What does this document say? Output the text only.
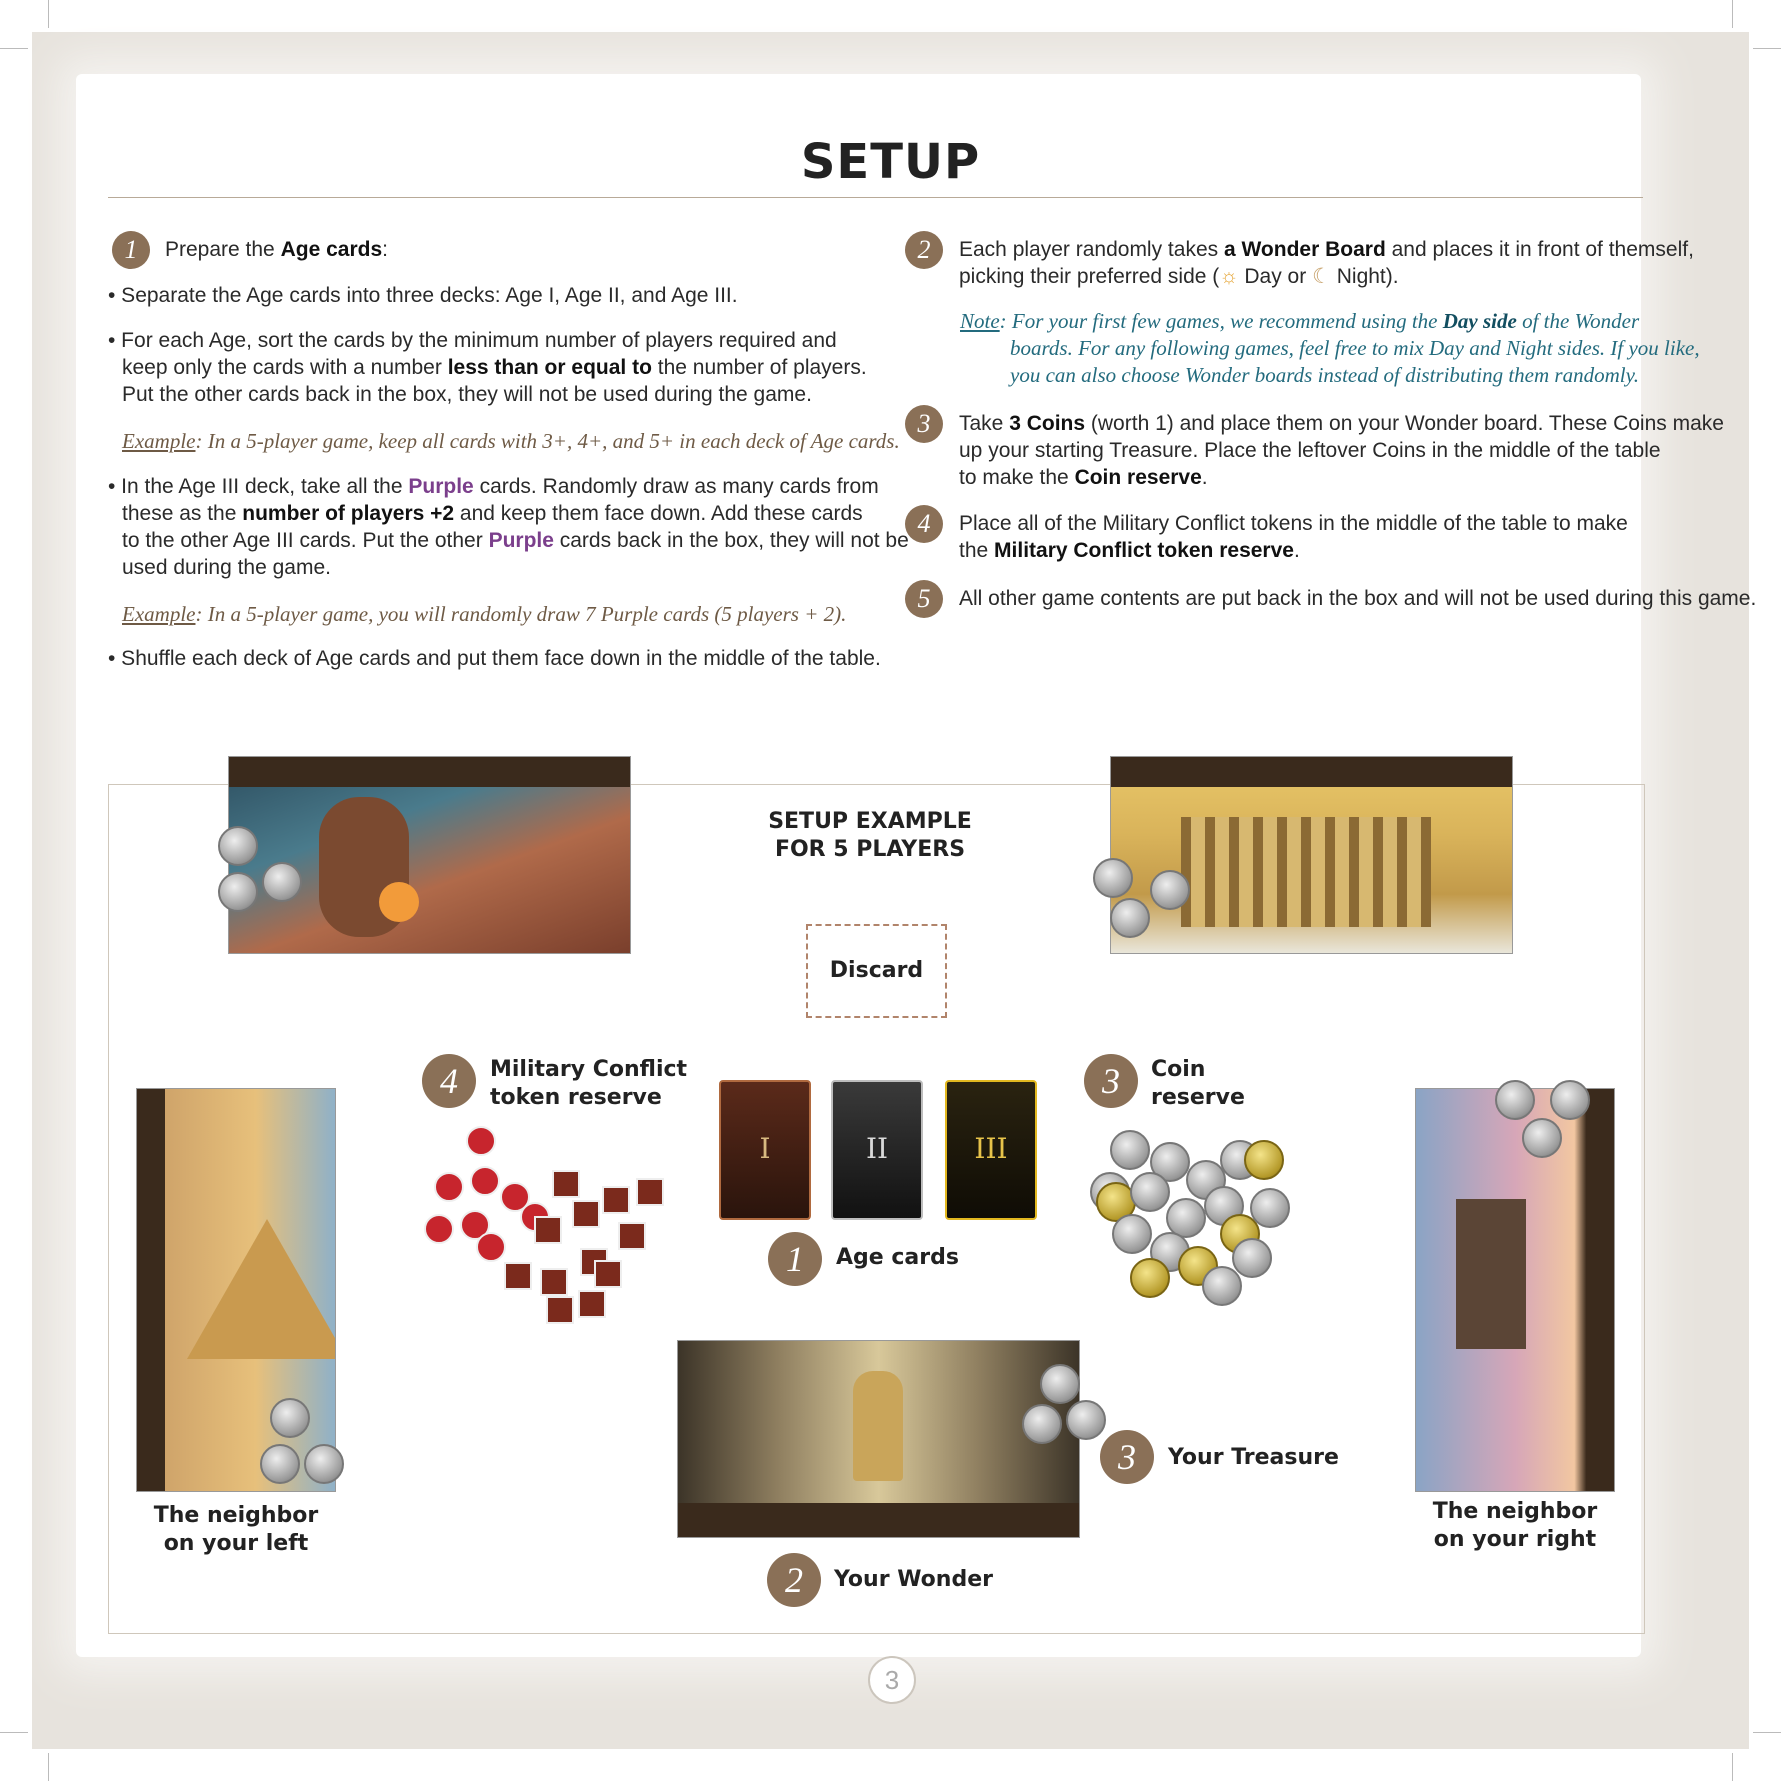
SETUP
1	Prepare the Age cards:
• Separate the Age cards into three decks: Age I, Age II, and Age III.
• For each Age, sort the cards by the minimum number of players required and
keep only the cards with a number less than or equal to the number of players.
Put the other cards back in the box, they will not be used during the game.
Example: In a 5-player game, keep all cards with 3+, 4+, and 5+ in each deck of Age cards.
• In the Age III deck, take all the Purple cards. Randomly draw as many cards from
these as the number of players +2 and keep them face down. Add these cards
to the other Age III cards. Put the other Purple cards back in the box, they will not be
used during the game.
Example: In a 5-player game, you will randomly draw 7 Purple cards (5 players + 2).
• Shuffle each deck of Age cards and put them face down in the middle of the table.
2	Each player randomly takes a Wonder Board and places it in front of themself,
picking their preferred side (☼ Day or ☾ Night).
Note: For your first few games, we recommend using the Day side of the Wonder
boards. For any following games, feel free to mix Day and Night sides. If you like,
you can also choose Wonder boards instead of distributing them randomly.
3	Take 3 Coins (worth 1) and place them on your Wonder board. These Coins make
up your starting Treasure. Place the leftover Coins in the middle of the table
to make the Coin reserve.
4	Place all of the Military Conflict tokens in the middle of the table to make
the Military Conflict token reserve.
5	All other game contents are put back in the box and will not be used during this game.
SETUP EXAMPLE
FOR 5 PLAYERS
Discard
The neighbor
on your left
The neighbor
on your right
4	Military Conflict
token reserve
I	II	III
1	Age cards
3	Coin
reserve
3	Your Treasure
2	Your Wonder
3
